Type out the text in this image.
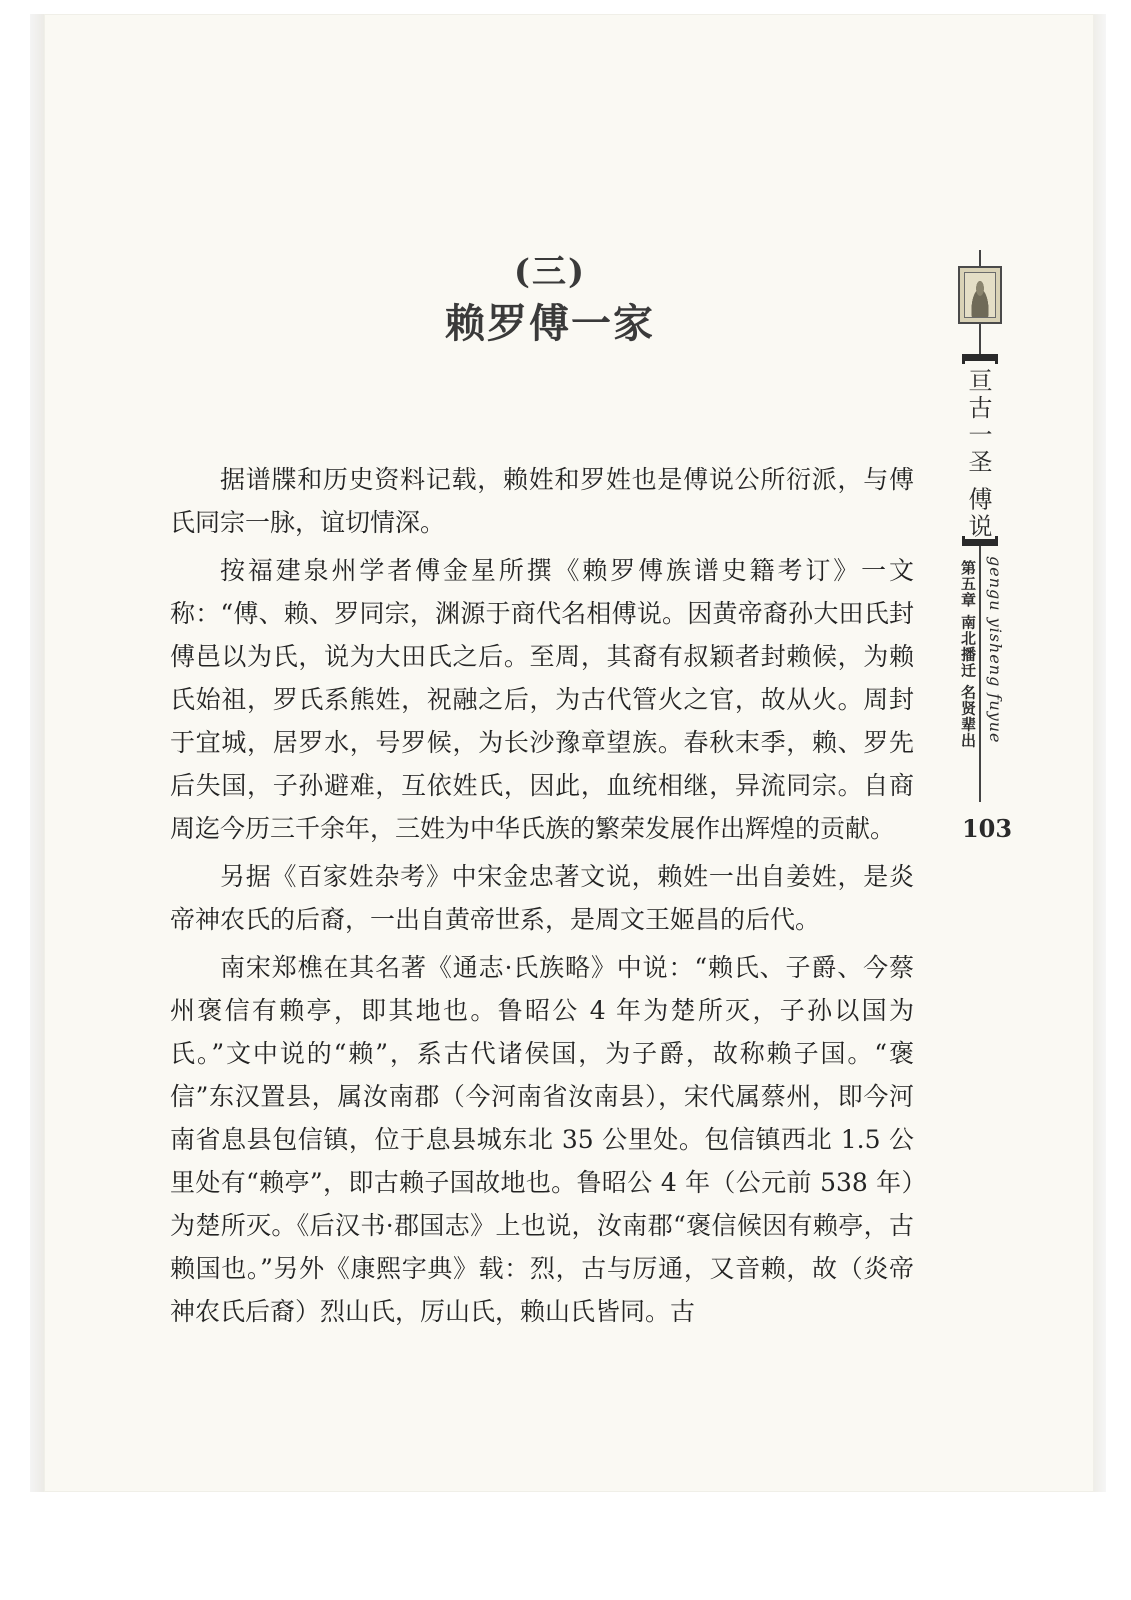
(三)
赖罗傅一家

据谱牒和历史资料记载，赖姓和罗姓也是傅说公所衍派，与傅氏同宗一脉，谊切情深。

按福建泉州学者傅金星所撰《赖罗傅族谱史籍考订》一文称：“傅、赖、罗同宗，渊源于商代名相傅说。因黄帝裔孙大田氏封傅邑以为氏，说为大田氏之后。至周，其裔有叔颖者封赖候，为赖氏始祖，罗氏系熊姓，祝融之后，为古代管火之官，故从火。周封于宜城，居罗水，号罗候，为长沙豫章望族。春秋末季，赖、罗先后失国，子孙避难，互依姓氏，因此，血统相继，异流同宗。自商周迄今历三千余年，三姓为中华氏族的繁荣发展作出辉煌的贡献。

另据《百家姓杂考》中宋金忠著文说，赖姓一出自姜姓，是炎帝神农氏的后裔，一出自黄帝世系，是周文王姬昌的后代。

南宋郑樵在其名著《通志·氏族略》中说：“赖氏、子爵、今蔡州褒信有赖亭，即其地也。鲁昭公 4 年为楚所灭，子孙以国为氏。”文中说的“赖”，系古代诸侯国，为子爵，故称赖子国。“褒信”东汉置县，属汝南郡（今河南省汝南县），宋代属蔡州，即今河南省息县包信镇，位于息县城东北 35 公里处。包信镇西北 1.5 公里处有“赖亭”，即古赖子国故地也。鲁昭公 4 年（公元前 538 年）为楚所灭。《后汉书·郡国志》上也说，汝南郡“褒信候因有赖亭，古赖国也。”另外《康熙字典》载：烈，古与厉通，又音赖，故（炎帝神农氏后裔）烈山氏，厉山氏，赖山氏皆同。古

亘古一圣 傅说
第五章 南北播迁 名贤辈出 gengu yisheng fuyue
103
